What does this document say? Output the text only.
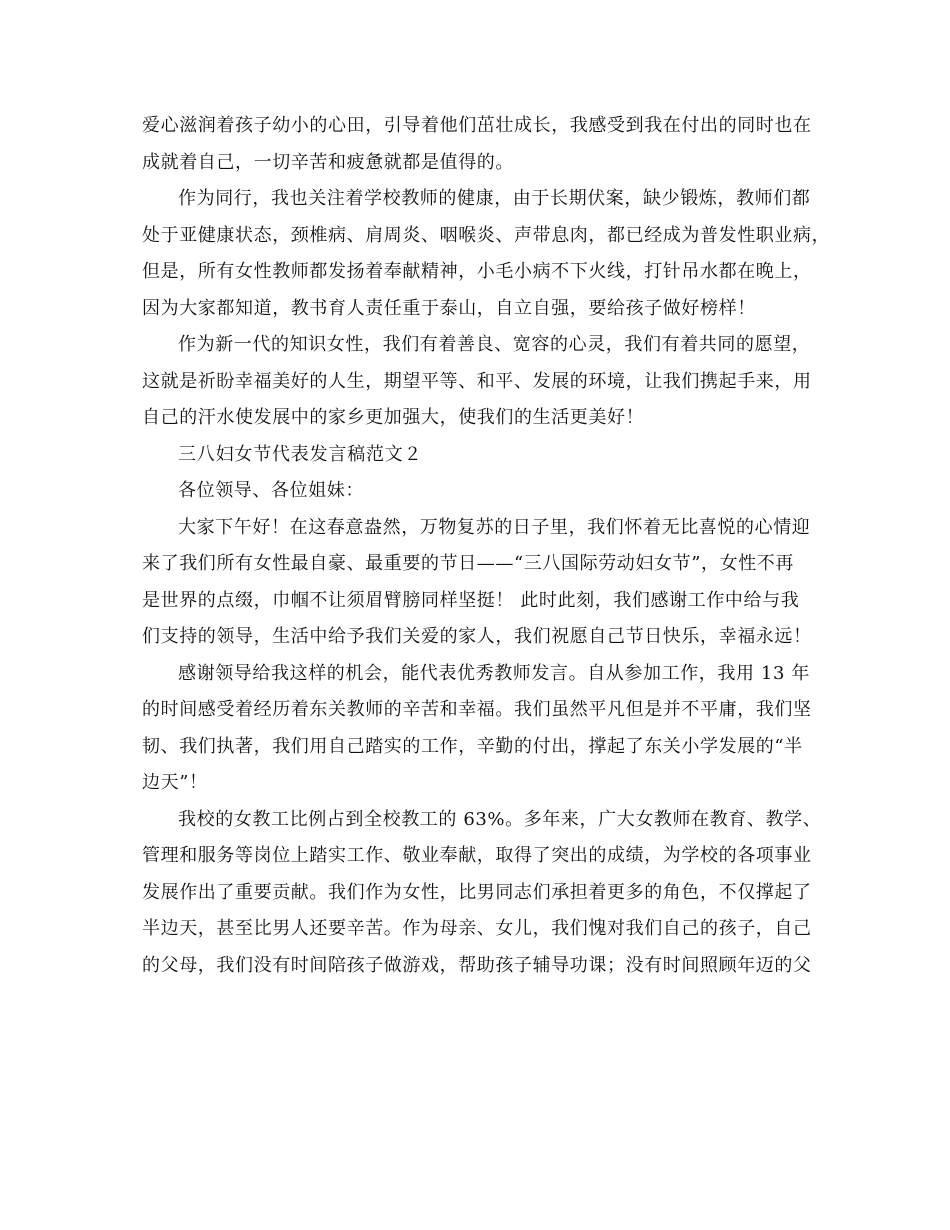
爱心滋润着孩子幼小的心田，引导着他们茁壮成长，我感受到我在付出的同时也在
成就着自己，一切辛苦和疲惫就都是值得的。
作为同行，我也关注着学校教师的健康，由于长期伏案，缺少锻炼，教师们都
处于亚健康状态，颈椎病、肩周炎、咽喉炎、声带息肉，都已经成为普发性职业病，
但是，所有女性教师都发扬着奉献精神，小毛小病不下火线，打针吊水都在晚上，
因为大家都知道，教书育人责任重于泰山，自立自强，要给孩子做好榜样！
作为新一代的知识女性，我们有着善良、宽容的心灵，我们有着共同的愿望，
这就是祈盼幸福美好的人生，期望平等、和平、发展的环境，让我们携起手来，用
自己的汗水使发展中的家乡更加强大，使我们的生活更美好！
三八妇女节代表发言稿范文２
各位领导、各位姐妹：
大家下午好！在这春意盎然，万物复苏的日子里，我们怀着无比喜悦的心情迎
来了我们所有女性最自豪、最重要的节日——“三八国际劳动妇女节”，女性不再
是世界的点缀，巾帼不让须眉臂膀同样坚挺！ 此时此刻，我们感谢工作中给与我
们支持的领导，生活中给予我们关爱的家人，我们祝愿自己节日快乐，幸福永远！
感谢领导给我这样的机会，能代表优秀教师发言。自从参加工作，我用 13 年
的时间感受着经历着东关教师的辛苦和幸福。我们虽然平凡但是并不平庸，我们坚
韧、我们执著，我们用自己踏实的工作，辛勤的付出，撑起了东关小学发展的“半
边天”！
我校的女教工比例占到全校教工的 63%。多年来，广大女教师在教育、教学、
管理和服务等岗位上踏实工作、敬业奉献，取得了突出的成绩，为学校的各项事业
发展作出了重要贡献。我们作为女性，比男同志们承担着更多的角色，不仅撑起了
半边天，甚至比男人还要辛苦。作为母亲、女儿，我们愧对我们自己的孩子，自己
的父母，我们没有时间陪孩子做游戏，帮助孩子辅导功课；没有时间照顾年迈的父
